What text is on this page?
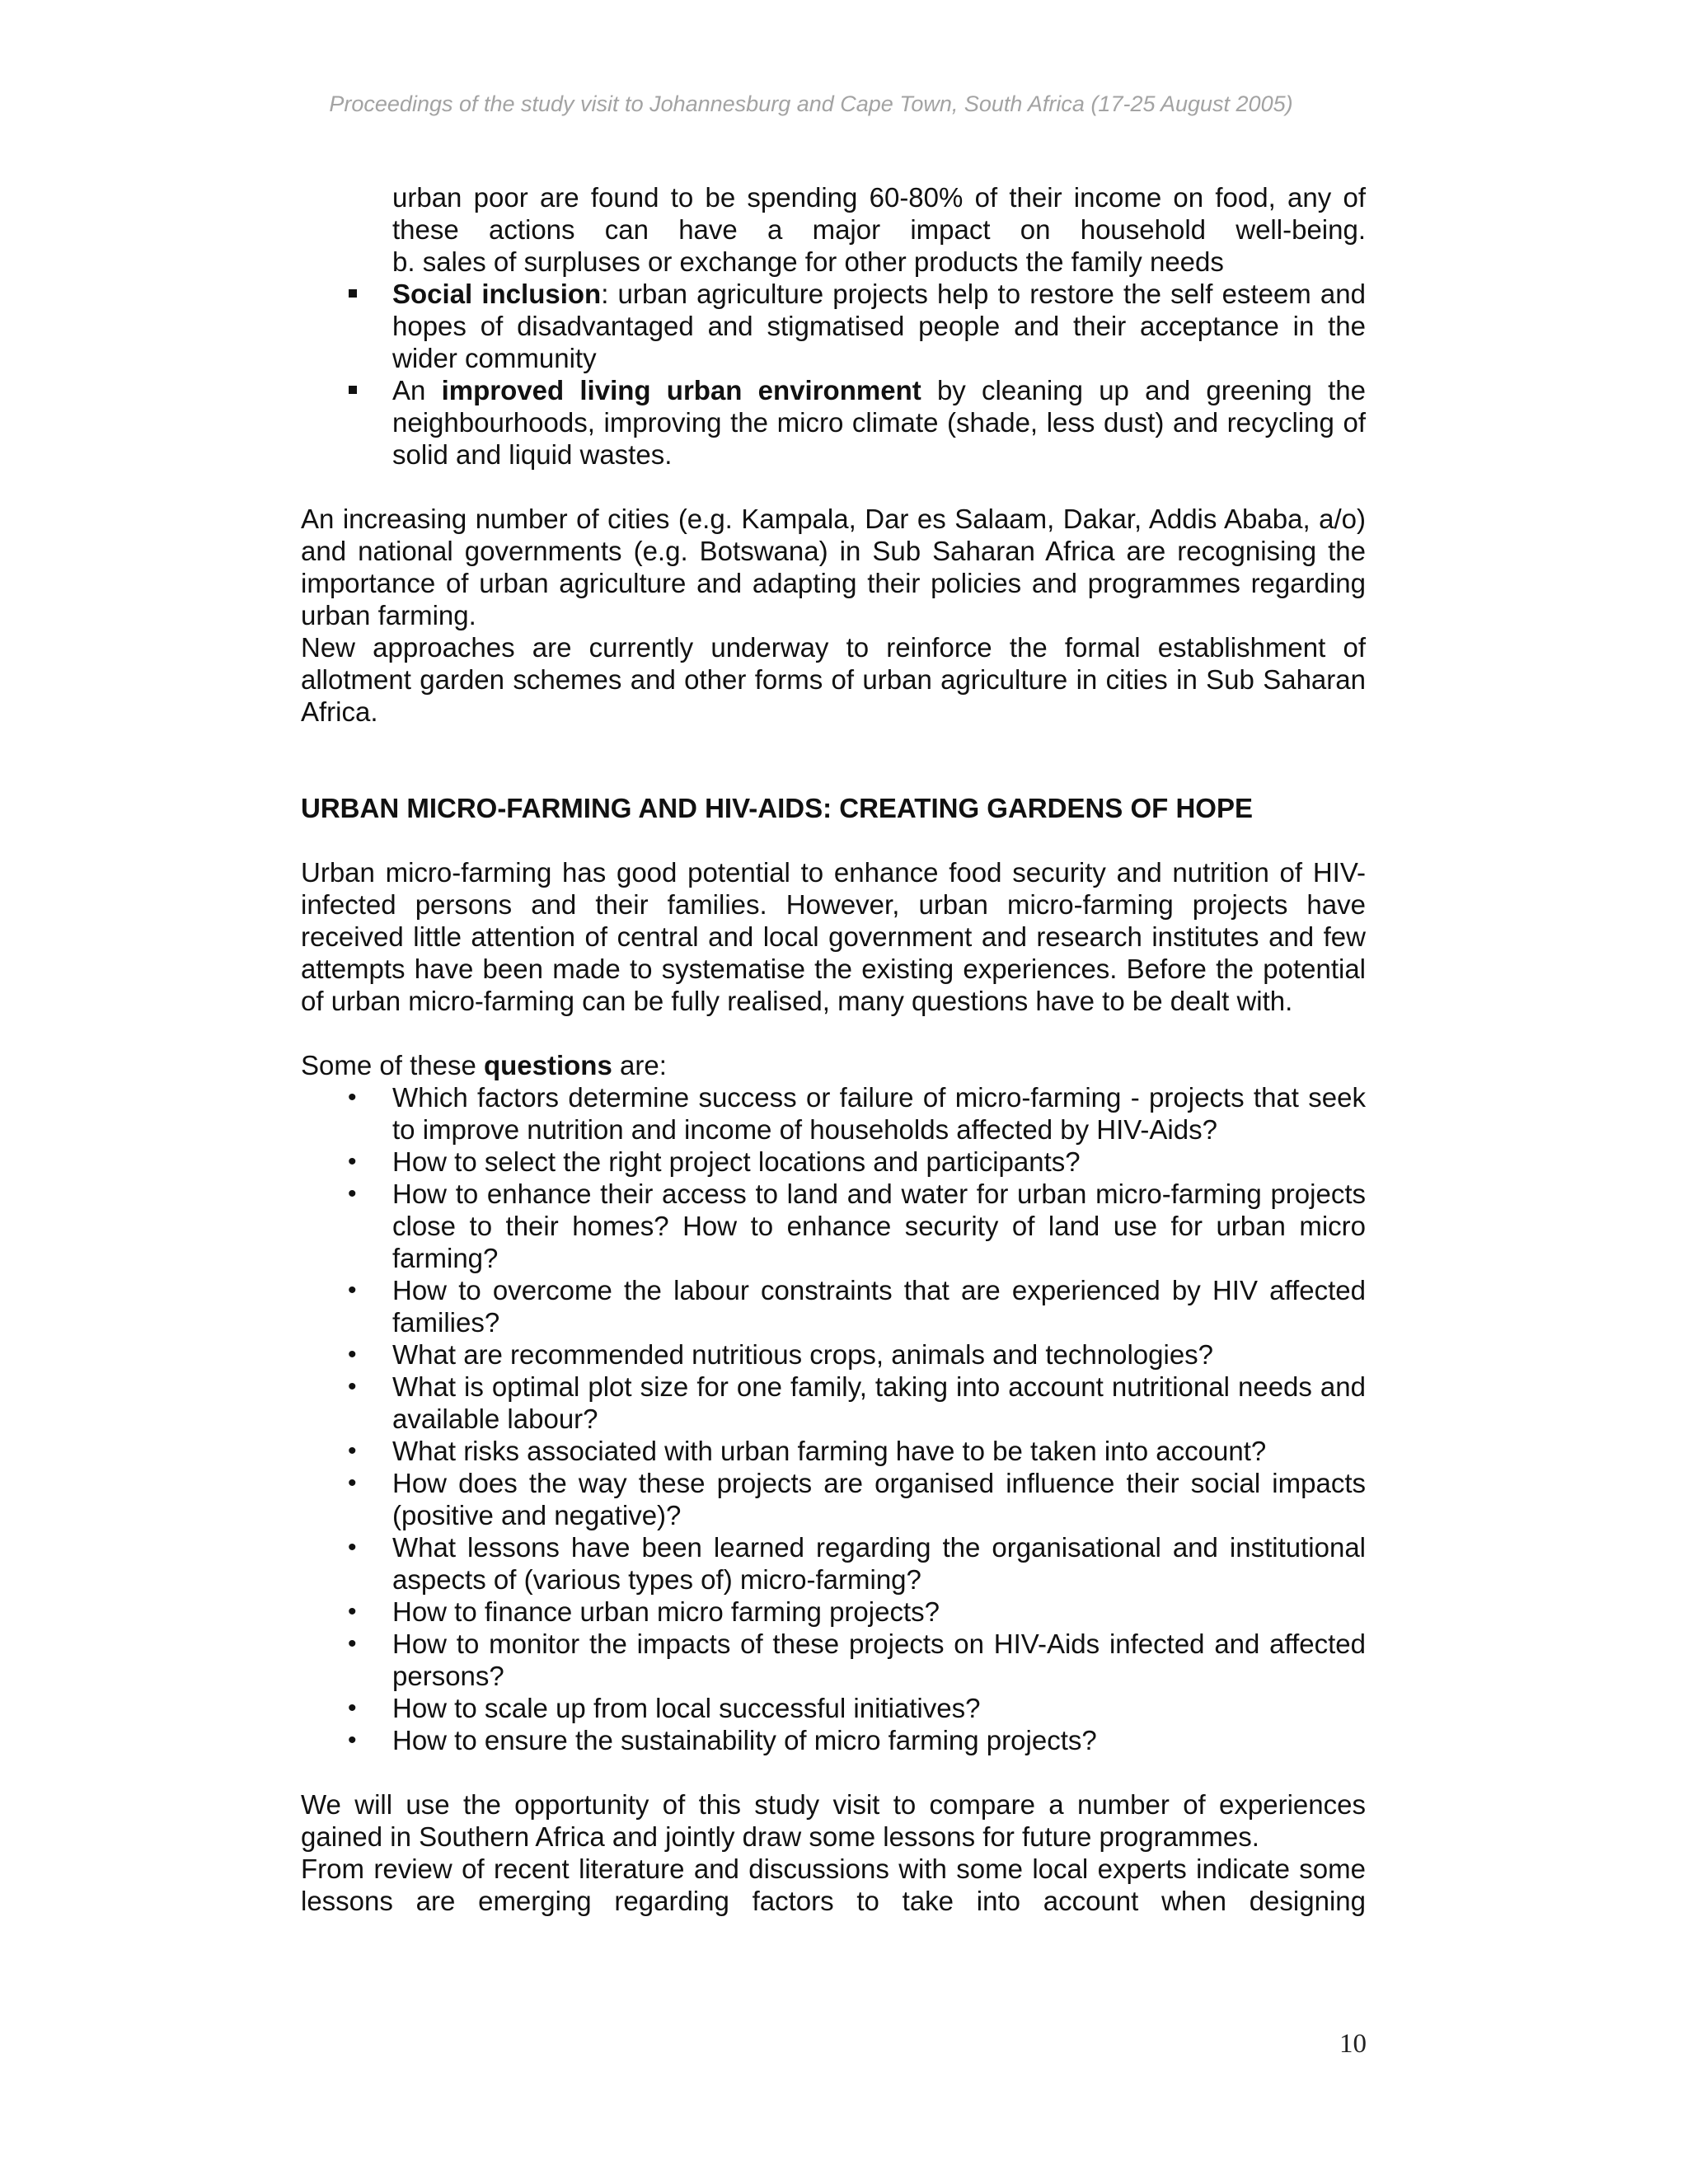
Proceedings of the study visit to Johannesburg and Cape Town, South Africa (17-25 August 2005)

urban poor are found to be spending 60-80% of their income on food, any of these actions can have a major impact on household well-being.

b. sales of surpluses or exchange for other products the family needs

Social inclusion: urban agriculture projects help to restore the self esteem and hopes of disadvantaged and stigmatised people and their acceptance in the wider community
An improved living urban environment by cleaning up and greening the neighbourhoods, improving the micro climate (shade, less dust) and recycling of solid and liquid wastes.

An increasing number of cities (e.g. Kampala, Dar es Salaam, Dakar, Addis Ababa, a/o) and national governments (e.g. Botswana) in Sub Saharan Africa are recognising the importance of urban agriculture and adapting their policies and programmes regarding urban farming.

New approaches are currently underway to reinforce the formal establishment of allotment garden schemes and other forms of urban agriculture in cities in Sub Saharan Africa.

URBAN MICRO-FARMING AND HIV-AIDS: CREATING GARDENS OF HOPE

Urban micro-farming has good potential to enhance food security and nutrition of HIV-infected persons and their families. However, urban micro-farming projects have received little attention of central and local government and research institutes and few attempts have been made to systematise the existing experiences. Before the potential of urban micro-farming can be fully realised, many questions have to be dealt with.

Some of these questions are:

• Which factors determine success or failure of micro-farming - projects that seek to improve nutrition and income of households affected by HIV-Aids?
• How to select the right project locations and participants?
• How to enhance their access to land and water for urban micro-farming projects close to their homes? How to enhance security of land use for urban micro farming?
• How to overcome the labour constraints that are experienced by HIV affected families?
• What are recommended nutritious crops, animals and technologies?
• What is optimal plot size for one family, taking into account nutritional needs and available labour?
• What risks associated with urban farming have to be taken into account?
• How does the way these projects are organised influence their social impacts (positive and negative)?
• What lessons have been learned regarding the organisational and institutional aspects of (various types of) micro-farming?
• How to finance urban micro farming projects?
• How to monitor the impacts of these projects on HIV-Aids infected and affected persons?
• How to scale up from local successful initiatives?
• How to ensure the sustainability of micro farming projects?

We will use the opportunity of this study visit to compare a number of experiences gained in Southern Africa and jointly draw some lessons for future programmes.

From review of recent literature and discussions with some local experts indicate some lessons are emerging regarding factors to take into account when designing

10
